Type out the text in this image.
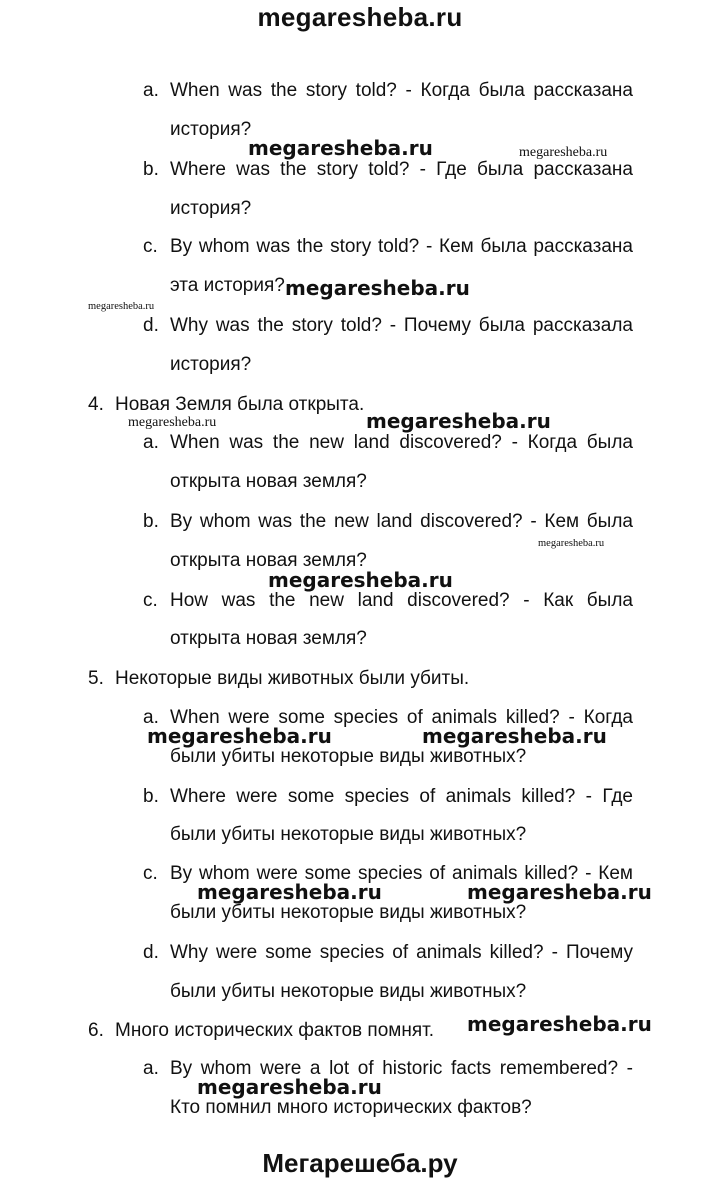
megaresheba.ru
a. When was the story told? - Когда была рассказана
история?
b. Where was the story told? - Где была рассказана
история?
c. By whom was the story told? - Кем была рассказана
эта история?
d. Why was the story told? - Почему была рассказала
история?
4. Новая Земля была открыта.
a. When was the new land discovered? - Когда была
открыта новая земля?
b. By whom was the new land discovered? - Кем была
открыта новая земля?
c. How was the new land discovered? - Как была
открыта новая земля?
5. Некоторые виды животных были убиты.
a. When were some species of animals killed? - Когда
были убиты некоторые виды животных?
b. Where were some species of animals killed? - Где
были убиты некоторые виды животных?
c. By whom were some species of animals killed? - Кем
были убиты некоторые виды животных?
d. Why were some species of animals killed? - Почему
были убиты некоторые виды животных?
6. Много исторических фактов помнят.
a. By whom were a lot of historic facts remembered? -
Кто помнил много исторических фактов?
megaresheba.ru	megaresheba.ru
megaresheba.ru
megaresheba.ru
megaresheba.ru
megaresheba.ru
megaresheba.ru
megaresheba.ru
megaresheba.ru	megaresheba.ru
megaresheba.ru	megaresheba.ru
megaresheba.ru
megaresheba.ru
Мегарешеба.ру
